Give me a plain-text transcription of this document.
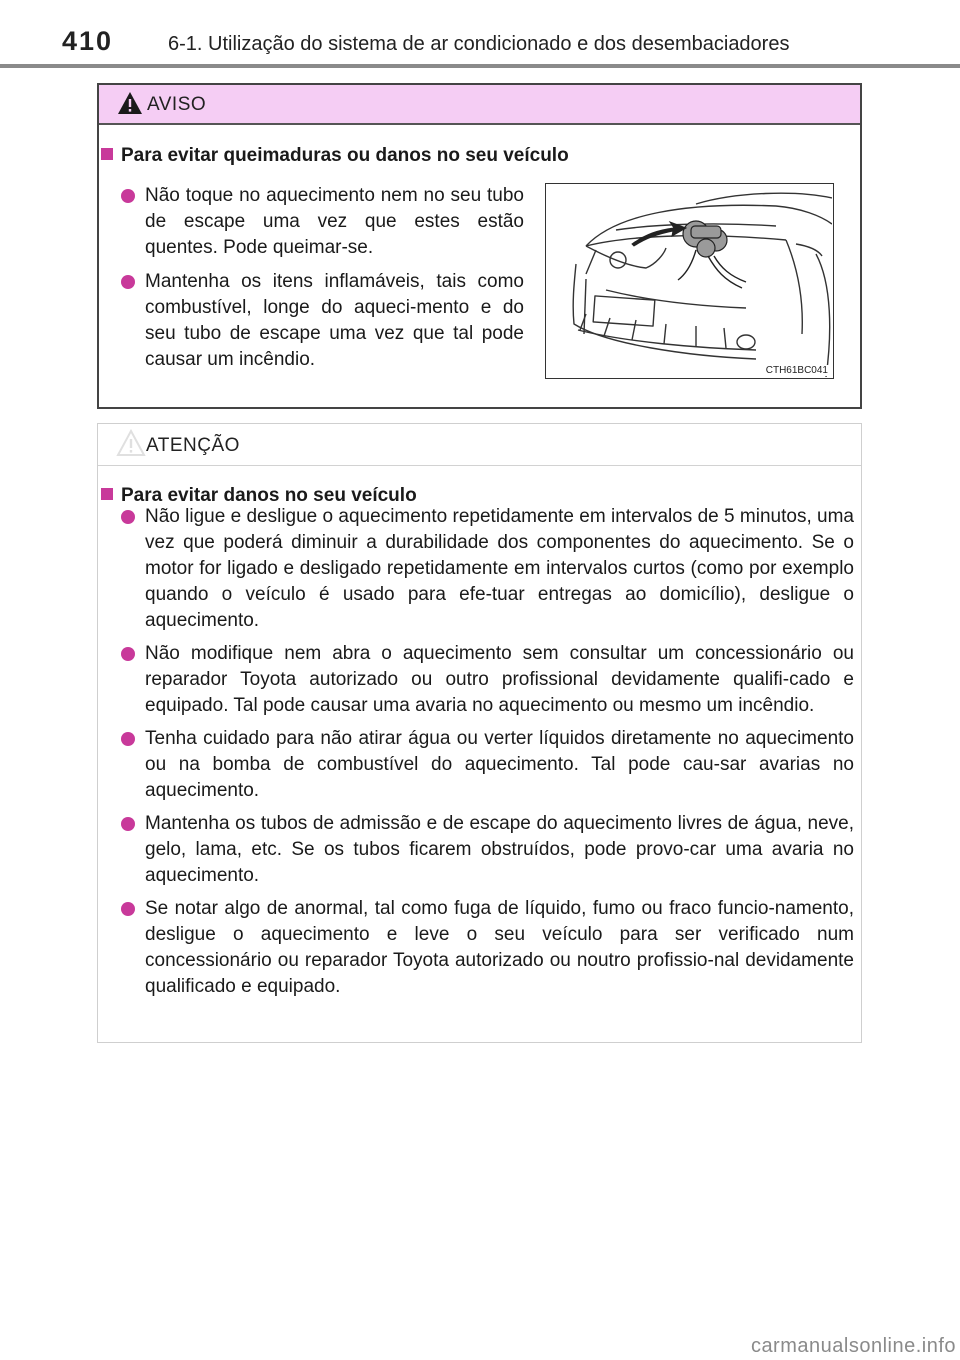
410	6-1. Utilização do sistema de ar condicionado e dos desembaciadores
AVISO
Para evitar queimaduras ou danos no seu veículo
Não toque no aquecimento nem no seu tubo de escape uma vez que estes estão quentes. Pode queimar-se.
Mantenha os itens inflamáveis, tais como combustível, longe do aqueci-mento e do seu tubo de escape uma vez que tal pode causar um incêndio.
CTH61BC041
ATENÇÃO
Para evitar danos no seu veículo
Não ligue e desligue o aquecimento repetidamente em intervalos de 5 minutos, uma vez que poderá diminuir a durabilidade dos componentes do aquecimento. Se o motor for ligado e desligado repetidamente em intervalos curtos (como por exemplo quando o veículo é usado para efe-tuar entregas ao domicílio), desligue o aquecimento.
Não modifique nem abra o aquecimento sem consultar um concessionário ou reparador Toyota autorizado ou outro profissional devidamente qualifi-cado e equipado. Tal pode causar uma avaria no aquecimento ou mesmo um incêndio.
Tenha cuidado para não atirar água ou verter líquidos diretamente no aquecimento ou na bomba de combustível do aquecimento. Tal pode cau-sar avarias no aquecimento.
Mantenha os tubos de admissão e de escape do aquecimento livres de água, neve, gelo, lama, etc. Se os tubos ficarem obstruídos, pode provo-car uma avaria no aquecimento.
Se notar algo de anormal, tal como fuga de líquido, fumo ou fraco funcio-namento, desligue o aquecimento e leve o seu veículo para ser verificado num concessionário ou reparador Toyota autorizado ou noutro profissio-nal devidamente qualificado e equipado.
carmanualsonline.info
